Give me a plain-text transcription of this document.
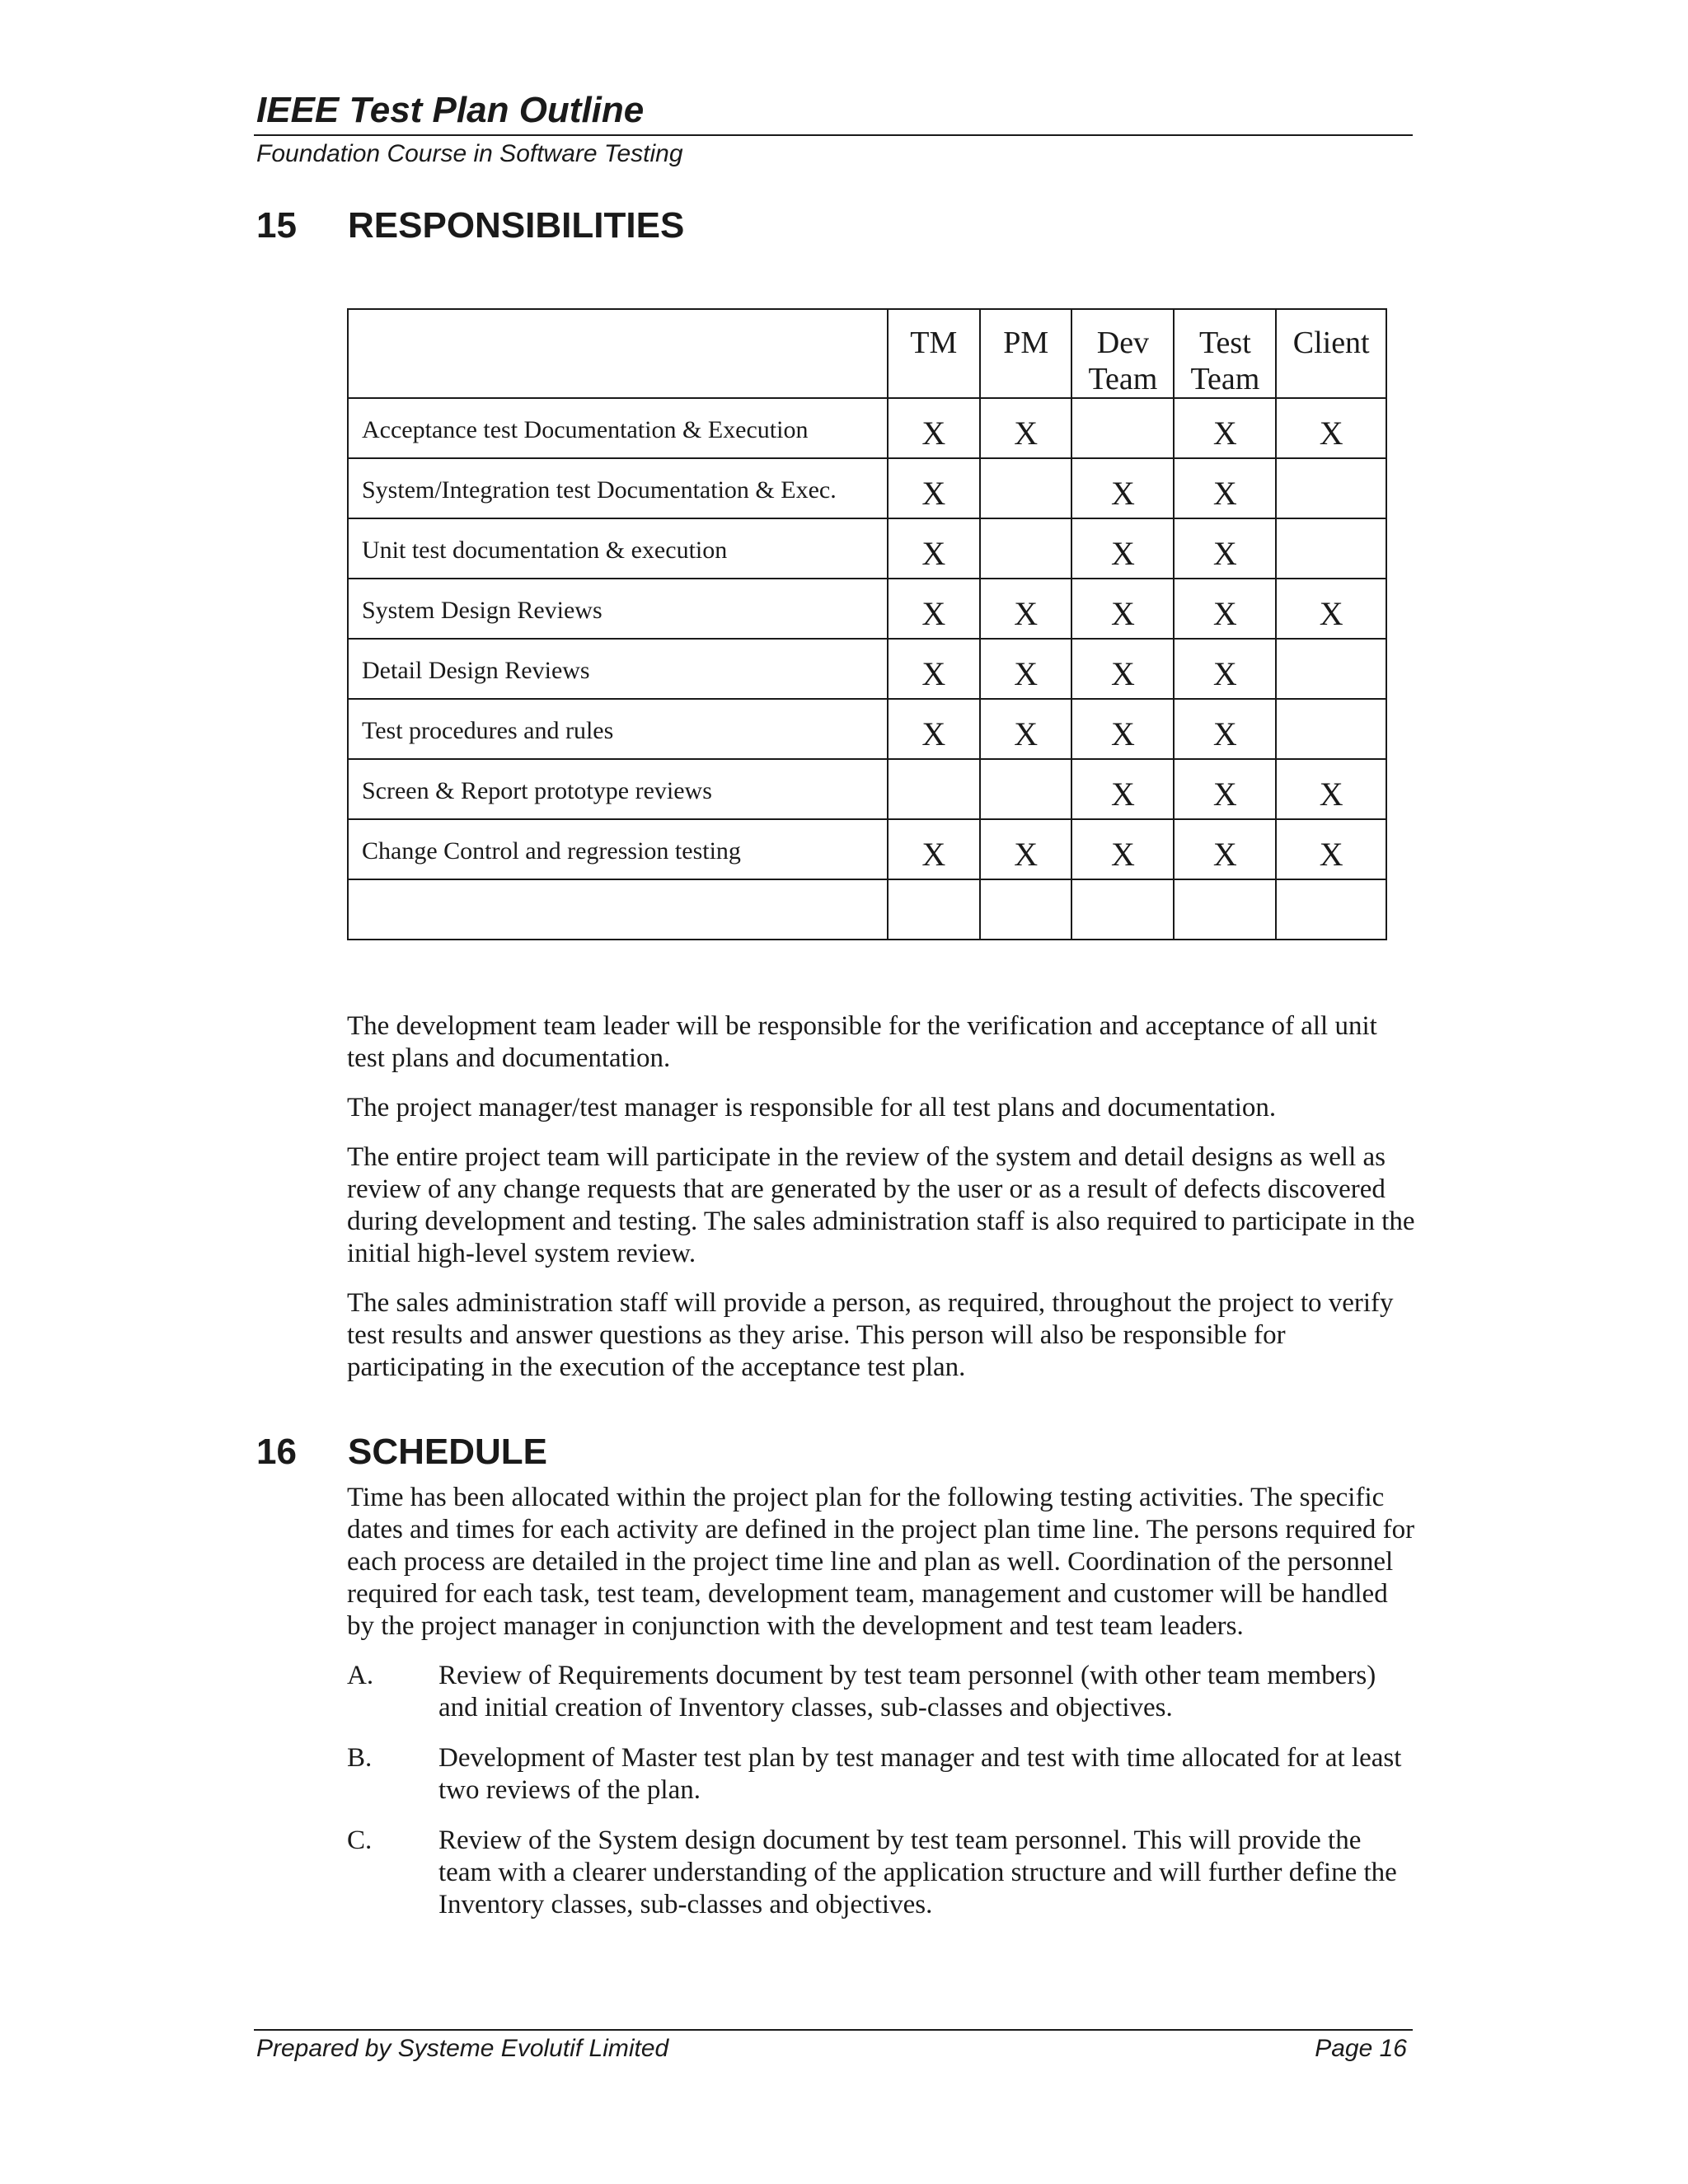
IEEE Test Plan Outline
Foundation Course in Software Testing
15 RESPONSIBILITIES
	TM	PM	Dev Team	Test Team	Client
Acceptance test Documentation & Execution	X	X		X	X
System/Integration test Documentation & Exec.	X		X	X	
Unit test documentation & execution	X		X	X	
System Design Reviews	X	X	X	X	X
Detail Design Reviews	X	X	X	X	
Test procedures and rules	X	X	X	X	
Screen & Report prototype reviews			X	X	X
Change Control and regression testing	X	X	X	X	X

The development team leader will be responsible for the verification and acceptance of all unit test plans and documentation.

The project manager/test manager is responsible for all test plans and documentation.

The entire project team will participate in the review of the system and detail designs as well as review of any change requests that are generated by the user or as a result of defects discovered during development and testing. The sales administration staff is also required to participate in the initial high-level system review.

The sales administration staff will provide a person, as required, throughout the project to verify test results and answer questions as they arise. This person will also be responsible for participating in the execution of the acceptance test plan.

16 SCHEDULE

Time has been allocated within the project plan for the following testing activities. The specific dates and times for each activity are defined in the project plan time line. The persons required for each process are detailed in the project time line and plan as well. Coordination of the personnel required for each task, test team, development team, management and customer will be handled by the project manager in conjunction with the development and test team leaders.

A. Review of Requirements document by test team personnel (with other team members) and initial creation of Inventory classes, sub-classes and objectives.
B. Development of Master test plan by test manager and test with time allocated for at least two reviews of the plan.
C. Review of the System design document by test team personnel. This will provide the team with a clearer understanding of the application structure and will further define the Inventory classes, sub-classes and objectives.
Prepared by Systeme Evolutif Limited	Page 16
